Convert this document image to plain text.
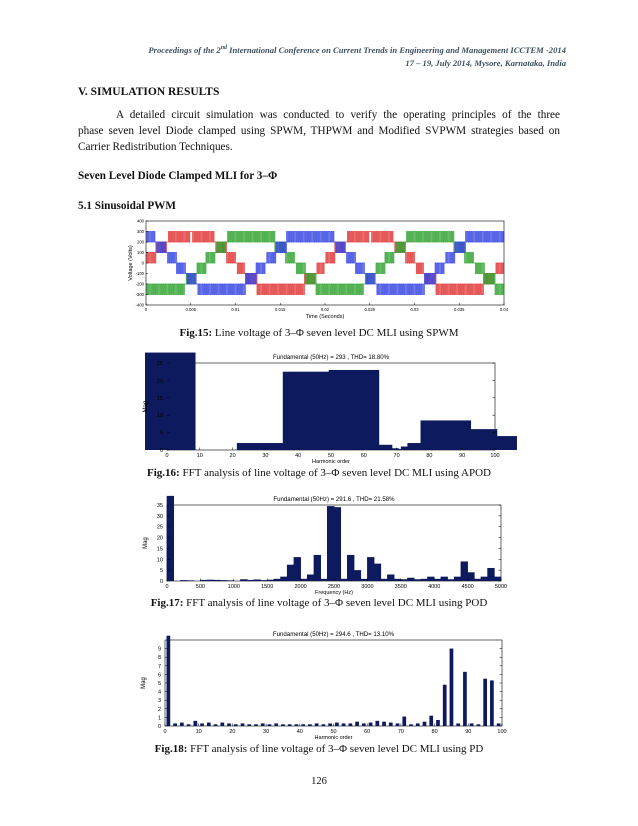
Proceedings of the 2nd International Conference on Current Trends in Engineering and Management ICCTEM -2014
17 – 19, July 2014, Mysore, Karnataka, India
V. SIMULATION RESULTS
A detailed circuit simulation was conducted to verify the operating principles of the three
phase seven level Diode clamped using SPWM, THPWM and Modified SVPWM strategies based on
Carrier Redistribution Techniques.
Seven Level Diode Clamped MLI for 3–Φ
5.1 Sinusoidal PWM
0	0.005	0.01	0.015	0.02	0.025	0.03	0.035	0.04
400
300
200
100
0
-100
-200
-300
-400
Time (Seconds)
Voltage (Volts)
Fig.15: Line voltage of 3–Φ seven level DC MLI using SPWM
0	10	20	30	40	50	60	70	80	90	100
0
5
10
15
20
25
Fundamental (50Hz) = 293 , THD= 18.80%
Harmonic order
Mag
Fig.16: FFT analysis of line voltage of 3–Φ seven level DC MLI using APOD
0	500	1000	1500	2000	2500	3000	3500	4000	4500	5000
0
5
10
15
20
25
30
35
Fundamental (50Hz) = 291.6 , THD= 21.58%
Frequency (Hz)
Mag
Fig.17: FFT analysis of line voltage of 3–Φ seven level DC MLI using POD
0	10	20	30	40	50	60	70	80	90	100
0
1
2
3
4
5
6
7
8
9
Fundamental (50Hz) = 294.6 , THD= 13.10%
Harmonic order
Mag
Fig.18: FFT analysis of line voltage of 3–Φ seven level DC MLI using PD
126
